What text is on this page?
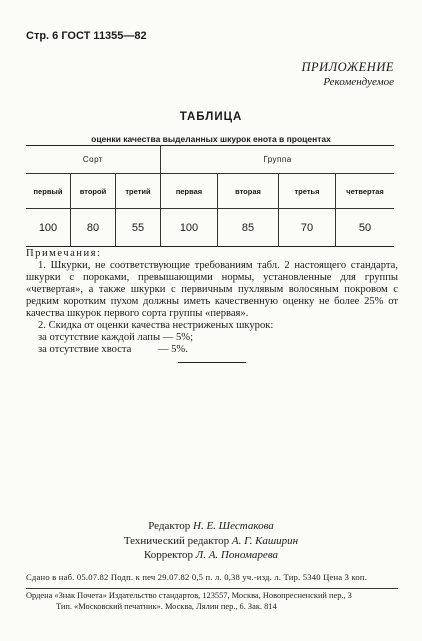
Стр. 6 ГОСТ 11355—82
ПРИЛОЖЕНИЕ
Рекомендуемое
ТАБЛИЦА
оценки качества выделанных шкурок енота в процентах
Сорт			Группа			
первый	второй	третий	первая	вторая	третья	четвертая
100	80	55	100	85	70	50

Примечания:

1. Шкурки, не соответствующие требованиям табл. 2 настоящего стандарта, шкурки с пороками, превышающими нормы, установленные для группы «четвертая», а также шкурки с первичным пухлявым волосяным покровом с редким коротким пухом должны иметь качественную оценку не более 25% от качества шкурок первого сорта группы «первая».

2. Скидка от оценки качества нестриженых шкурок:

за отсутствие каждой лапы — 5%;

за отсутствие хвоста          — 5%.

Редактор Н. Е. Шестакова
Технический редактор А. Г. Каширин
Корректор Л. А. Пономарева
Сдано в наб. 05.07.82 Подп. к печ 29.07.82 0,5 п. л. 0,38 уч.-изд. л. Тир. 5340 Цена 3 коп.
Ордена «Знак Почета» Издательство стандартов, 123557, Москва, Новопресненский пер., 3
Тип. «Московский печатник». Москва, Лялин пер., 6. Зак. 814
